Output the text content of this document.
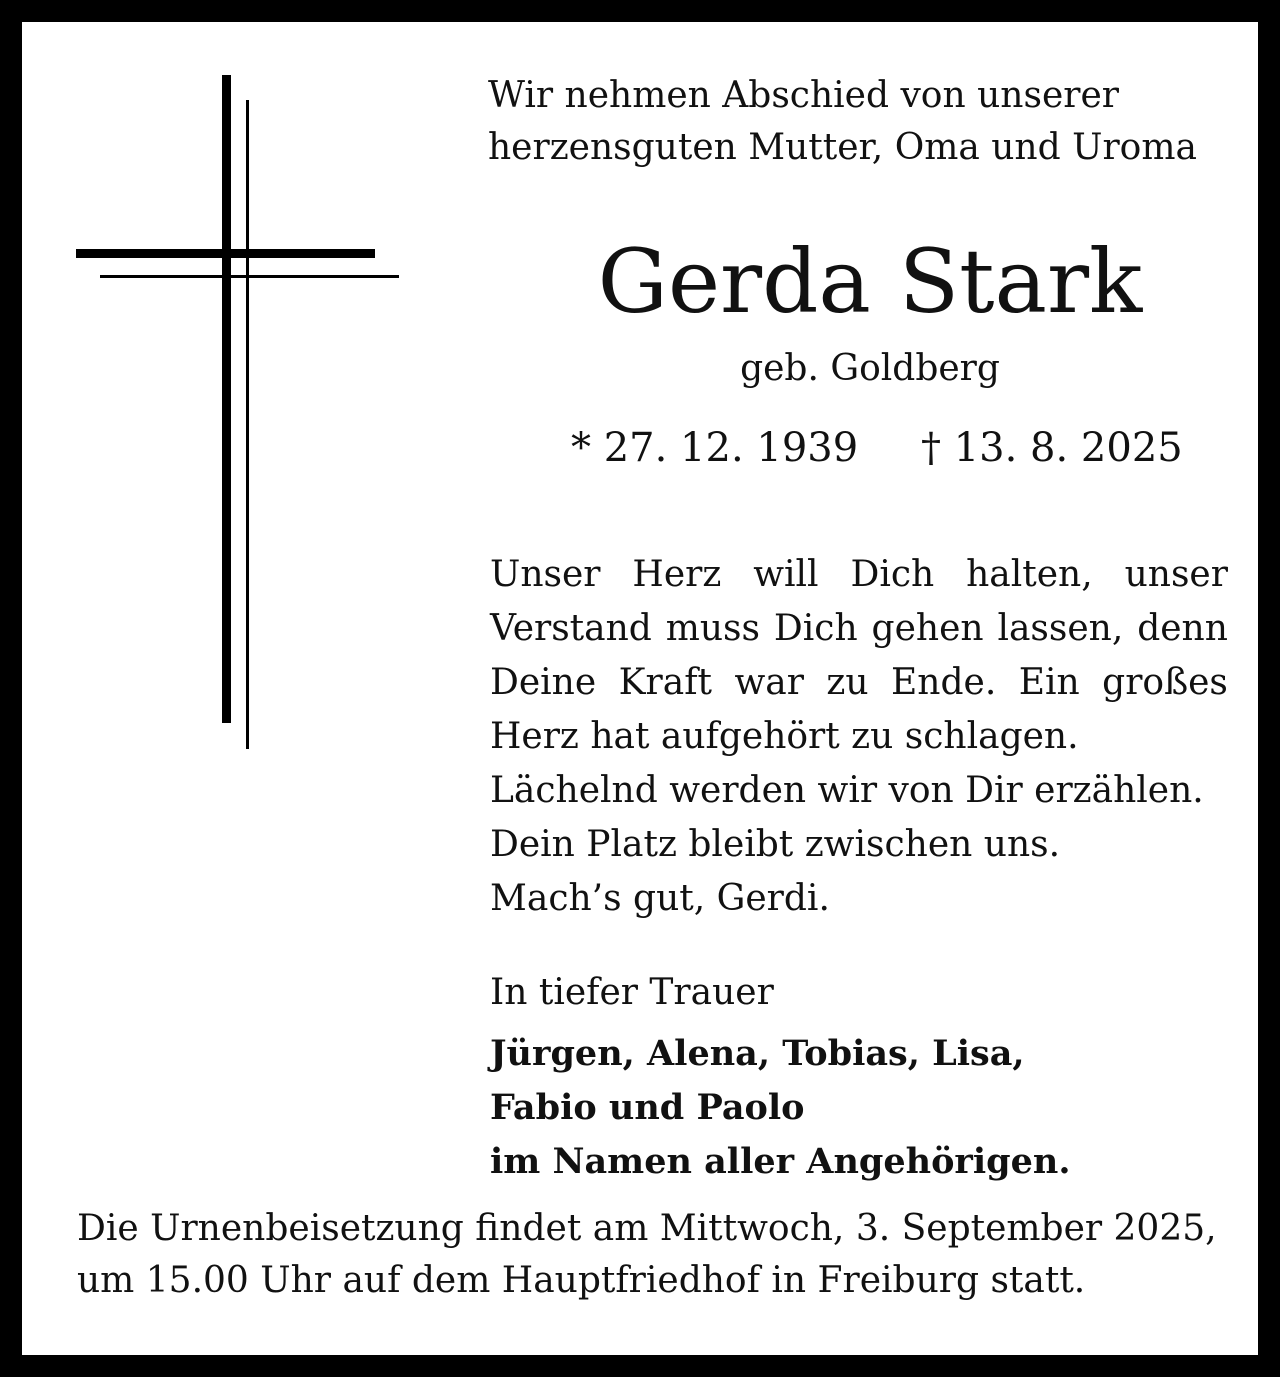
Wir nehmen Abschied von unserer
herzensguten Mutter, Oma und Uroma
Gerda Stark
geb. Goldberg
* 27. 12. 1939 † 13. 8. 2025
Unser Herz will Dich halten, unser
Verstand muss Dich gehen lassen, denn
Deine Kraft war zu Ende. Ein großes
Herz hat aufgehört zu schlagen.
Lächelnd werden wir von Dir erzählen.
Dein Platz bleibt zwischen uns.
Mach’s gut, Gerdi.
In tiefer Trauer
Jürgen, Alena, Tobias, Lisa,
Fabio und Paolo
im Namen aller Angehörigen.
Die Urnenbeisetzung findet am Mittwoch, 3. September 2025,
um 15.00 Uhr auf dem Hauptfriedhof in Freiburg statt.
